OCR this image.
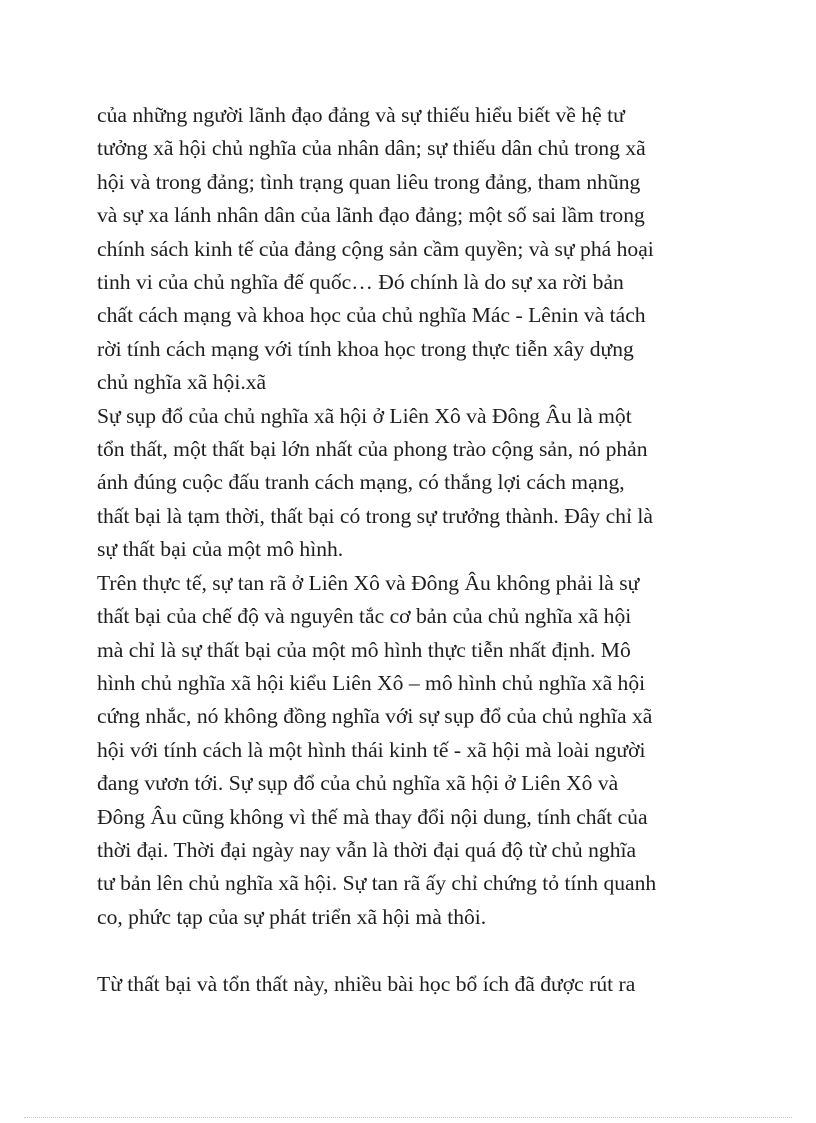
của những người lãnh đạo đảng và sự thiếu hiểu biết về hệ tư
tưởng xã hội chủ nghĩa của nhân dân; sự thiếu dân chủ trong xã
hội và trong đảng; tình trạng quan liêu trong đảng, tham nhũng
và sự xa lánh nhân dân của lãnh đạo đảng; một số sai lầm trong
chính sách kinh tế của đảng cộng sản cầm quyền; và sự phá hoại
tinh vi của chủ nghĩa đế quốc… Đó chính là do sự xa rời bản
chất cách mạng và khoa học của chủ nghĩa Mác - Lênin và tách
rời tính cách mạng với tính khoa học trong thực tiễn xây dựng
chủ nghĩa xã hội.xã

Sự sụp đổ của chủ nghĩa xã hội ở Liên Xô và Đông Âu là một
tổn thất, một thất bại lớn nhất của phong trào cộng sản, nó phản
ánh đúng cuộc đấu tranh cách mạng, có thắng lợi cách mạng,
thất bại là tạm thời, thất bại có trong sự trưởng thành. Đây chỉ là
sự thất bại của một mô hình.

Trên thực tế, sự tan rã ở Liên Xô và Đông Âu không phải là sự
thất bại của chế độ và nguyên tắc cơ bản của chủ nghĩa xã hội
mà chỉ là sự thất bại của một mô hình thực tiễn nhất định. Mô
hình chủ nghĩa xã hội kiểu Liên Xô – mô hình chủ nghĩa xã hội
cứng nhắc, nó không đồng nghĩa với sự sụp đổ của chủ nghĩa xã
hội với tính cách là một hình thái kinh tế - xã hội mà loài người
đang vươn tới. Sự sụp đổ của chủ nghĩa xã hội ở Liên Xô và
Đông Âu cũng không vì thế mà thay đổi nội dung, tính chất của
thời đại. Thời đại ngày nay vẫn là thời đại quá độ từ chủ nghĩa
tư bản lên chủ nghĩa xã hội. Sự tan rã ấy chỉ chứng tỏ tính quanh
co, phức tạp của sự phát triển xã hội mà thôi.

Từ thất bại và tổn thất này, nhiều bài học bổ ích đã được rút ra
